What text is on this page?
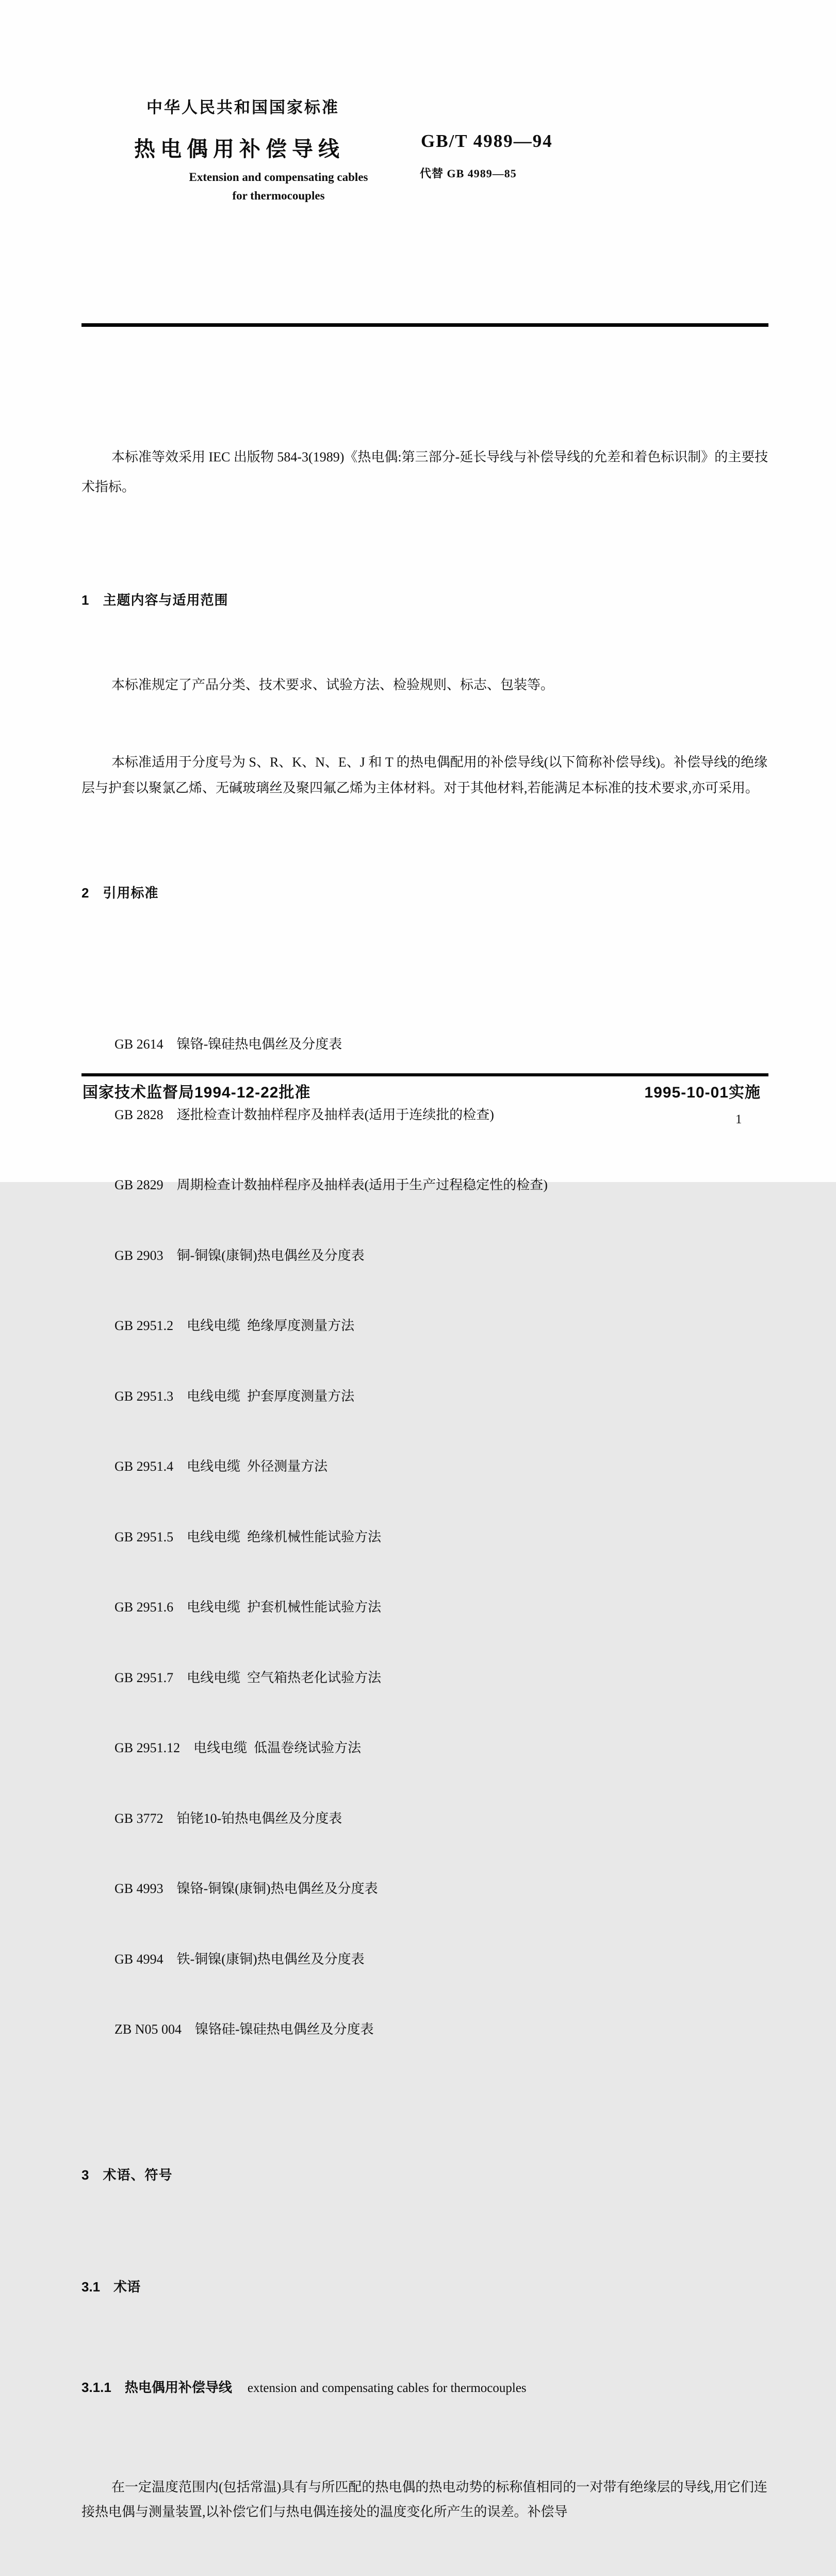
中华人民共和国国家标准

热电偶用补偿导线

	GB/T 4989—94

代替 GB 4989—85

Extension and compensating cables

for thermocouples

本标准等效采用 IEC 出版物 584-3(1989)《热电偶:第三部分-延长导线与补偿导线的允差和着色标识制》的主要技术指标。

1 主题内容与适用范围

本标准规定了产品分类、技术要求、试验方法、检验规则、标志、包装等。

本标准适用于分度号为 S、R、K、N、E、J 和 T 的热电偶配用的补偿导线(以下简称补偿导线)。补偿导线的绝缘层与护套以聚氯乙烯、无碱玻璃丝及聚四氟乙烯为主体材料。对于其他材料,若能满足本标准的技术要求,亦可采用。

2 引用标准

GB 2614 镍铬-镍硅热电偶丝及分度表

GB 2828 逐批检查计数抽样程序及抽样表(适用于连续批的检查)

GB 2829 周期检查计数抽样程序及抽样表(适用于生产过程稳定性的检查)

GB 2903 铜-铜镍(康铜)热电偶丝及分度表

GB 2951.2 电线电缆  绝缘厚度测量方法

GB 2951.3 电线电缆  护套厚度测量方法

GB 2951.4 电线电缆  外径测量方法

GB 2951.5 电线电缆  绝缘机械性能试验方法

GB 2951.6 电线电缆  护套机械性能试验方法

GB 2951.7 电线电缆  空气箱热老化试验方法

GB 2951.12 电线电缆  低温卷绕试验方法

GB 3772 铂铑10-铂热电偶丝及分度表

GB 4993 镍铬-铜镍(康铜)热电偶丝及分度表

GB 4994 铁-铜镍(康铜)热电偶丝及分度表

ZB N05 004 镍铬硅-镍硅热电偶丝及分度表

3 术语、符号

3.1 术语

3.1.1 热电偶用补偿导线 extension and compensating cables for thermocouples

在一定温度范围内(包括常温)具有与所匹配的热电偶的热电动势的标称值相同的一对带有绝缘层的导线,用它们连接热电偶与测量装置,以补偿它们与热电偶连接处的温度变化所产生的误差。补偿导

国家技术监督局1994-12-22批准

	1995-10-01实施

1
